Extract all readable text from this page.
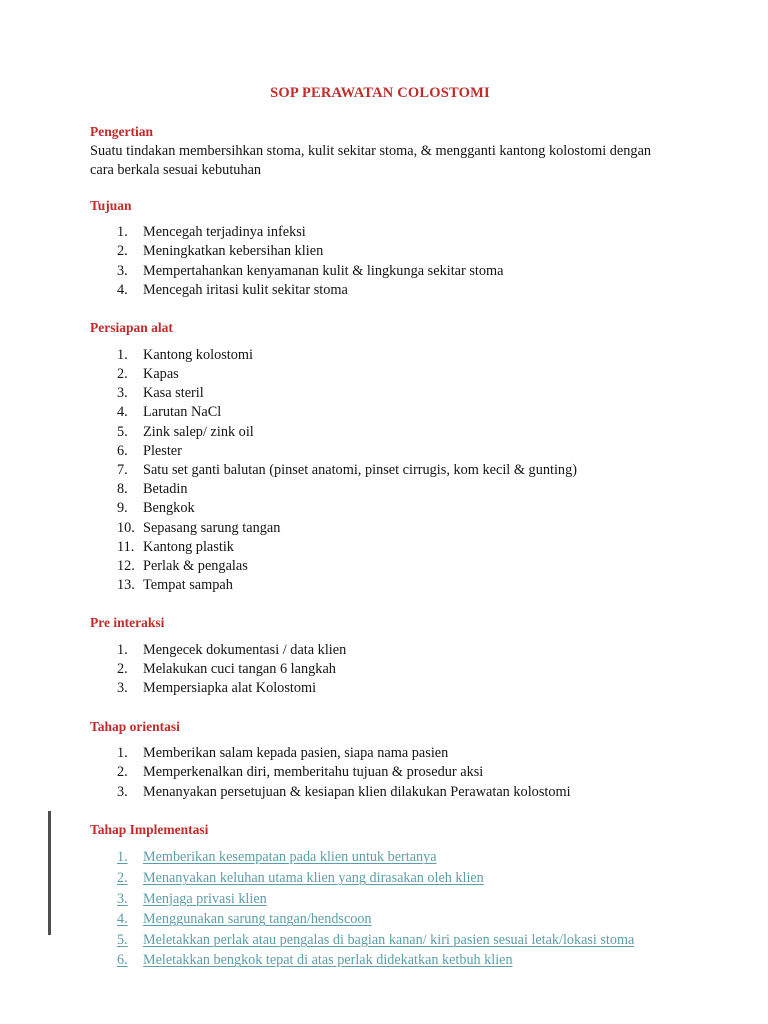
SOP PERAWATAN COLOSTOMI
Pengertian

Suatu tindakan membersihkan stoma, kulit sekitar stoma, & mengganti kantong kolostomi dengan cara berkala sesuai kebutuhan

Tujuan
1.	Mencegah terjadinya infeksi
2.	Meningkatkan kebersihan klien
3.	Mempertahankan kenyamanan kulit & lingkunga sekitar stoma
4.	Mencegah iritasi kulit sekitar stoma
Persiapan alat
1.	Kantong kolostomi
2.	Kapas
3.	Kasa steril
4.	Larutan NaCl
5.	Zink salep/ zink oil
6.	Plester
7.	Satu set ganti balutan (pinset anatomi, pinset cirrugis, kom kecil & gunting)
8.	Betadin
9.	Bengkok
10. Sepasang sarung tangan
11. Kantong plastik
12. Perlak & pengalas
13. Tempat sampah
Pre interaksi
1.	Mengecek dokumentasi / data klien
2.	Melakukan cuci tangan 6 langkah
3.	Mempersiapka alat Kolostomi
Tahap orientasi
1.	Memberikan salam kepada pasien, siapa nama pasien
2.	Memperkenalkan diri, memberitahu tujuan & prosedur aksi
3.	Menanyakan persetujuan & kesiapan klien dilakukan Perawatan kolostomi
Tahap Implementasi
1. Memberikan kesempatan pada klien untuk bertanya
2. Menanyakan keluhan utama klien yang dirasakan oleh klien
3. Menjaga privasi klien
4. Menggunakan sarung tangan/hendscoon
5. Meletakkan perlak atau pengalas di bagian kanan/ kiri pasien sesuai letak/lokasi stoma
6. Meletakkan bengkok tepat di atas perlak didekatkan ketbuh klien
